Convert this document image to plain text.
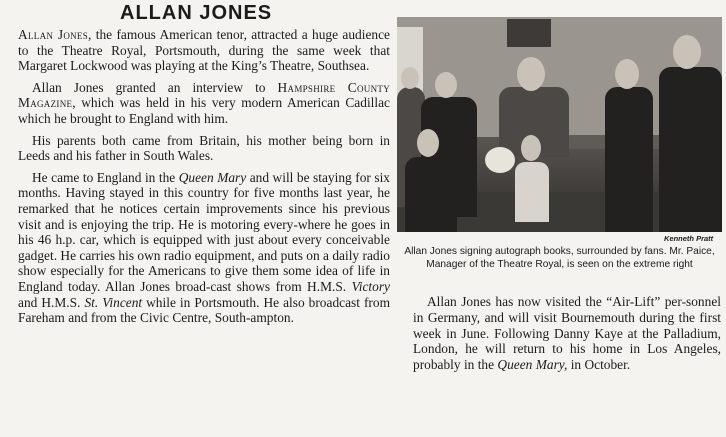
ALLAN JONES

Allan Jones, the famous American tenor, attracted a huge audience to the Theatre Royal, Portsmouth, during the same week that Margaret Lockwood was playing at the King’s Theatre, Southsea.

Allan Jones granted an interview to Hampshire County Magazine, which was held in his very modern American Cadillac which he brought to England with him.

His parents both came from Britain, his mother being born in Leeds and his father in South Wales.

He came to England in the Queen Mary and will be staying for six months. Having stayed in this country for five months last year, he remarked that he notices certain improvements since his previous visit and is enjoying the trip. He is motoring every-where he goes in his 46 h.p. car, which is equipped with just about every conceivable gadget. He carries his own radio equipment, and puts on a daily radio show especially for the Americans to give them some idea of life in England today. Allan Jones broad-cast shows from H.M.S. Victory and H.M.S. St. Vincent while in Portsmouth. He also broadcast from Fareham and from the Civic Centre, South-ampton.

Kenneth Pratt

Allan Jones signing autograph books, surrounded by fans. Mr. Paice, Manager of the Theatre Royal, is seen on the extreme right

Allan Jones has now visited the “Air-Lift” per-sonnel in Germany, and will visit Bournemouth during the first week in June. Following Danny Kaye at the Palladium, London, he will return to his home in Los Angeles, probably in the Queen Mary, in October.
